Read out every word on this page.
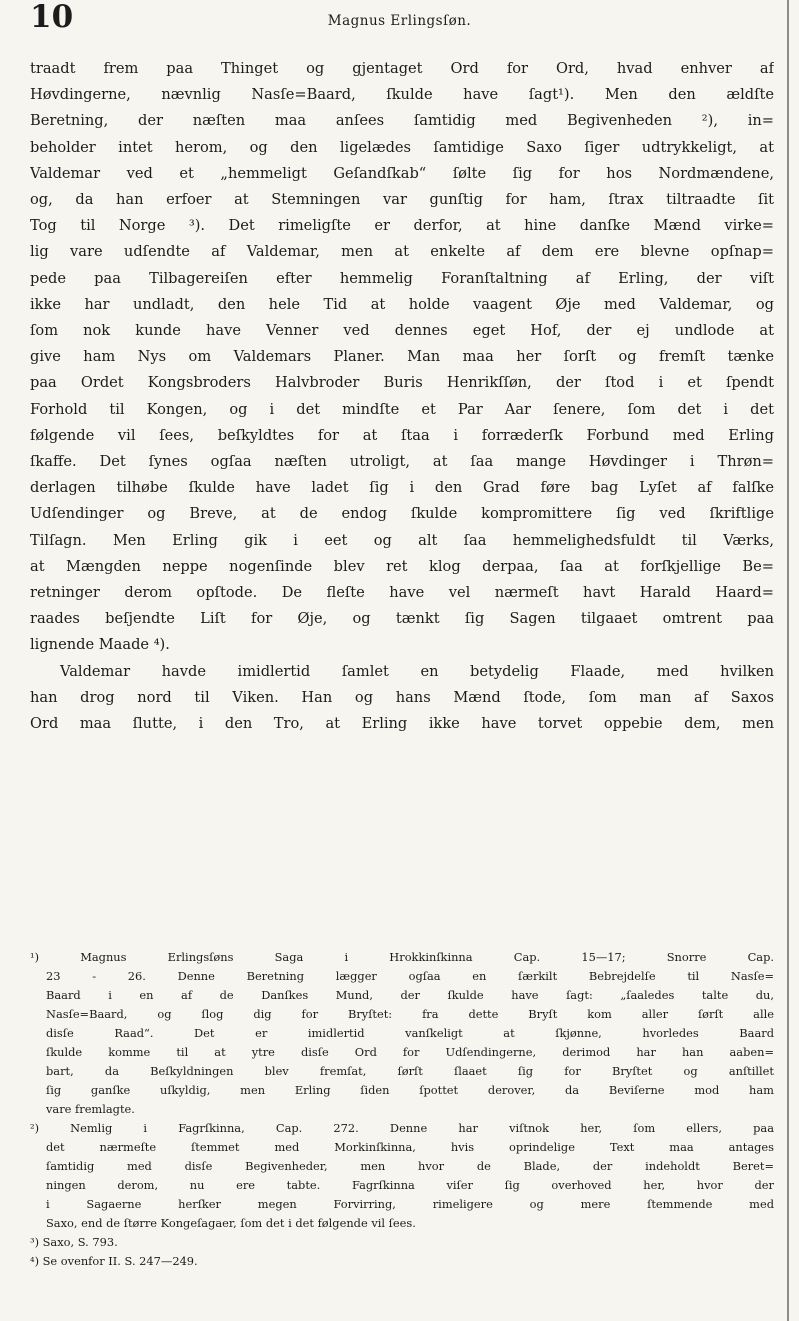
10	Magnus Erlingsſøn.
traadt frem paa Thinget og gjentaget Ord for Ord, hvad enhver af
Høvdingerne, nævnlig Nasſe=Baard, ſkulde have ſagt¹). Men den ældſte
Beretning, der næſten maa anſees ſamtidig med Begivenheden ²), in=
beholder intet herom, og den ligelædes ſamtidige Saxo ſiger udtrykkeligt, at
Valdemar ved et „hemmeligt Geſandſkab“ ſølte ſig for hos Nordmændene,
og, da han erfoer at Stemningen var gunſtig for ham, ſtrax tiltraadte ſit
Tog til Norge ³). Det rimeligſte er derfor, at hine danſke Mænd virke=
lig vare udſendte af Valdemar, men at enkelte af dem ere blevne opſnap=
pede paa Tilbagereiſen efter hemmelig Foranſtaltning af Erling, der viſt
ikke har undladt, den hele Tid at holde vaagent Øje med Valdemar, og
ſom nok kunde have Venner ved dennes eget Hof, der ej undlode at
give ham Nys om Valdemars Planer. Man maa her ſorſt og fremſt tænke
paa Ordet Kongsbroders Halvbroder Buris Henrikſſøn, der ſtod i et ſpendt
Forhold til Kongen, og i det mindſte et Par Aar ſenere, ſom det i det
følgende vil ſees, beſkyldtes for at ſtaa i forræderſk Forbund med Erling
ſkaffe. Det ſynes ogſaa næſten utroligt, at ſaa mange Høvdinger i Thrøn=
derlagen tilhøbe ſkulde have ladet ſig i den Grad føre bag Lyſet af falſke
Udſendinger og Breve, at de endog ſkulde kompromittere ſig ved ſkriftlige
Tilſagn. Men Erling gik i eet og alt ſaa hemmelighedsfuldt til Værks,
at Mængden neppe nogenſinde blev ret klog derpaa, ſaa at forſkjellige Be=
retninger derom opſtode. De fleſte have vel nærmeſt havt Harald Haard=
raades beſjendte Liſt for Øje, og tænkt ſig Sagen tilgaaet omtrent paa
lignende Maade ⁴).
Valdemar havde imidlertid ſamlet en betydelig Flaade, med hvilken
han drog nord til Viken. Han og hans Mænd ſtode, ſom man af Saxos
Ord maa ſlutte, i den Tro, at Erling ikke have torvet oppebie dem, men
¹) Magnus Erlingsſøns Saga i Hrokkinſkinna Cap. 15—17; Snorre Cap.
23 - 26. Denne Beretning lægger ogſaa en ſærkilt Bebrejdelſe til Nasſe=
Baard i en af de Danſkes Mund, der ſkulde have ſagt: „ſaaledes talte du,
Nasſe=Baard, og ſlog dig for Bryſtet: fra dette Bryſt kom aller ſørſt alle
disſe Raad“. Det er imidlertid vanſkeligt at ſkjønne, hvorledes Baard
ſkulde komme til at ytre disſe Ord for Udſendingerne, derimod har han aaben=
bart, da Beſkyldningen blev fremſat, ſørſt ſlaaet ſig for Bryſtet og anſtillet
ſig ganſke uſkyldig, men Erling ſiden ſpottet derover, da Beviſerne mod ham
vare fremlagte.
²) Nemlig i Fagrſkinna, Cap. 272. Denne har viſtnok her, ſom ellers, paa
det nærmeſte ſtemmet med Morkinſkinna, hvis oprindelige Text maa antages
ſamtidig med disſe Begivenheder, men hvor de Blade, der indeholdt Beret=
ningen derom, nu ere tabte. Fagrſkinna viſer ſig overhoved her, hvor der
i Sagaerne herſker megen Forvirring, rimeligere og mere ſtemmende med
Saxo, end de ſtørre Kongeſagaer, ſom det i det følgende vil ſees.
³) Saxo, S. 793.
⁴) Se ovenfor II. S. 247—249.
